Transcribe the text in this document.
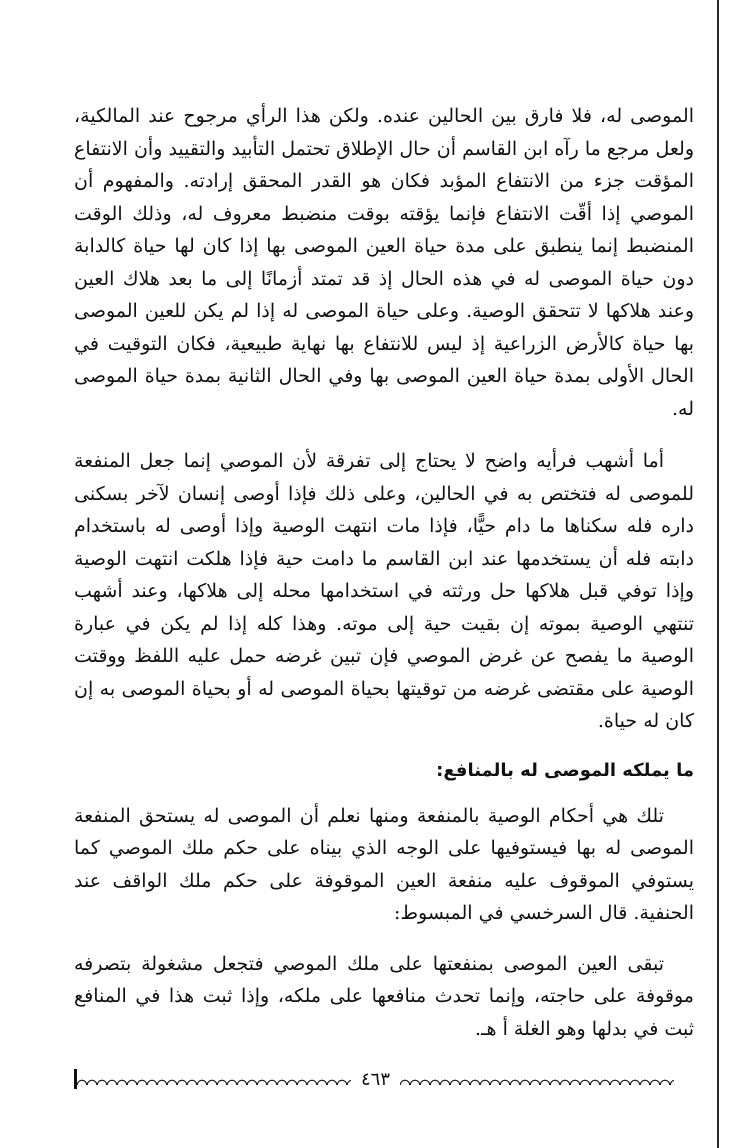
الموصى له، فلا فارق بين الحالين عنده. ولكن هذا الرأي مرجوح عند المالكية، ولعل مرجع ما رآه ابن القاسم أن حال الإطلاق تحتمل التأبيد والتقييد وأن الانتفاع المؤقت جزء من الانتفاع المؤبد فكان هو القدر المحقق إرادته. والمفهوم أن الموصي إذا أقّت الانتفاع فإنما يؤقته بوقت منضبط معروف له، وذلك الوقت المنضبط إنما ينطبق على مدة حياة العين الموصى بها إذا كان لها حياة كالدابة دون حياة الموصى له في هذه الحال إذ قد تمتد أزمانًا إلى ما بعد هلاك العين وعند هلاكها لا تتحقق الوصية. وعلى حياة الموصى له إذا لم يكن للعين الموصى بها حياة كالأرض الزراعية إذ ليس للانتفاع بها نهاية طبيعية، فكان التوقيت في الحال الأولى بمدة حياة العين الموصى بها وفي الحال الثانية بمدة حياة الموصى له.

أما أشهب فرأيه واضح لا يحتاج إلى تفرقة لأن الموصي إنما جعل المنفعة للموصى له فتختص به في الحالين، وعلى ذلك فإذا أوصى إنسان لآخر بسكنى داره فله سكناها ما دام حيًّا، فإذا مات انتهت الوصية وإذا أوصى له باستخدام دابته فله أن يستخدمها عند ابن القاسم ما دامت حية فإذا هلكت انتهت الوصية وإذا توفي قبل هلاكها حل ورثته في استخدامها محله إلى هلاكها، وعند أشهب تنتهي الوصية بموته إن بقيت حية إلى موته. وهذا كله إذا لم يكن في عبارة الوصية ما يفصح عن غرض الموصي فإن تبين غرضه حمل عليه اللفظ ووقتت الوصية على مقتضى غرضه من توقيتها بحياة الموصى له أو بحياة الموصى به إن كان له حياة.

ما يملكه الموصى له بالمنافع:

تلك هي أحكام الوصية بالمنفعة ومنها نعلم أن الموصى له يستحق المنفعة الموصى له بها فيستوفيها على الوجه الذي بيناه على حكم ملك الموصي كما يستوفي الموقوف عليه منفعة العين الموقوفة على حكم ملك الواقف عند الحنفية. قال السرخسي في المبسوط:

تبقى العين الموصى بمنفعتها على ملك الموصي فتجعل مشغولة بتصرفه موقوفة على حاجته، وإنما تحدث منافعها على ملكه، وإذا ثبت هذا في المنافع ثبت في بدلها وهو الغلة أ هـ.

٤٦٣
